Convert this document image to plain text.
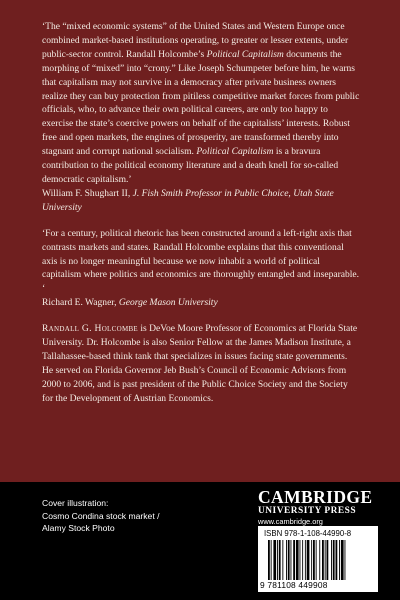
‘The “mixed economic systems” of the United States and Western Europe once combined market-based institutions operating, to greater or lesser extents, under public-sector control. Randall Holcombe’s Political Capitalism documents the morphing of “mixed” into “crony.” Like Joseph Schumpeter before him, he warns that capitalism may not survive in a democracy after private business owners realize they can buy protection from pitiless competitive market forces from public officials, who, to advance their own political careers, are only too happy to exercise the state’s coercive powers on behalf of the capitalists’ interests. Robust free and open markets, the engines of prosperity, are transformed thereby into stagnant and corrupt national socialism. Political Capitalism is a bravura contribution to the political economy literature and a death knell for so-called democratic capitalism.’

William F. Shughart II, J. Fish Smith Professor in Public Choice, Utah State University

‘For a century, political rhetoric has been constructed around a left-right axis that contrasts markets and states. Randall Holcombe explains that this conventional axis is no longer meaningful because we now inhabit a world of political capitalism where politics and economics are thoroughly entangled and inseparable. ‘

Richard E. Wagner, George Mason University

Randall G. Holcombe is DeVoe Moore Professor of Economics at Florida State University. Dr. Holcombe is also Senior Fellow at the James Madison Institute, a Tallahassee-based think tank that specializes in issues facing state governments. He served on Florida Governor Jeb Bush’s Council of Economic Advisors from 2000 to 2006, and is past president of the Public Choice Society and the Society for the Development of Austrian Economics.

Cover illustration:
Cosmo Condina stock market /
Alamy Stock Photo
CAMBRIDGE
UNIVERSITY PRESS
www.cambridge.org
ISBN 978-1-108-44990-8
9 781108 449908
